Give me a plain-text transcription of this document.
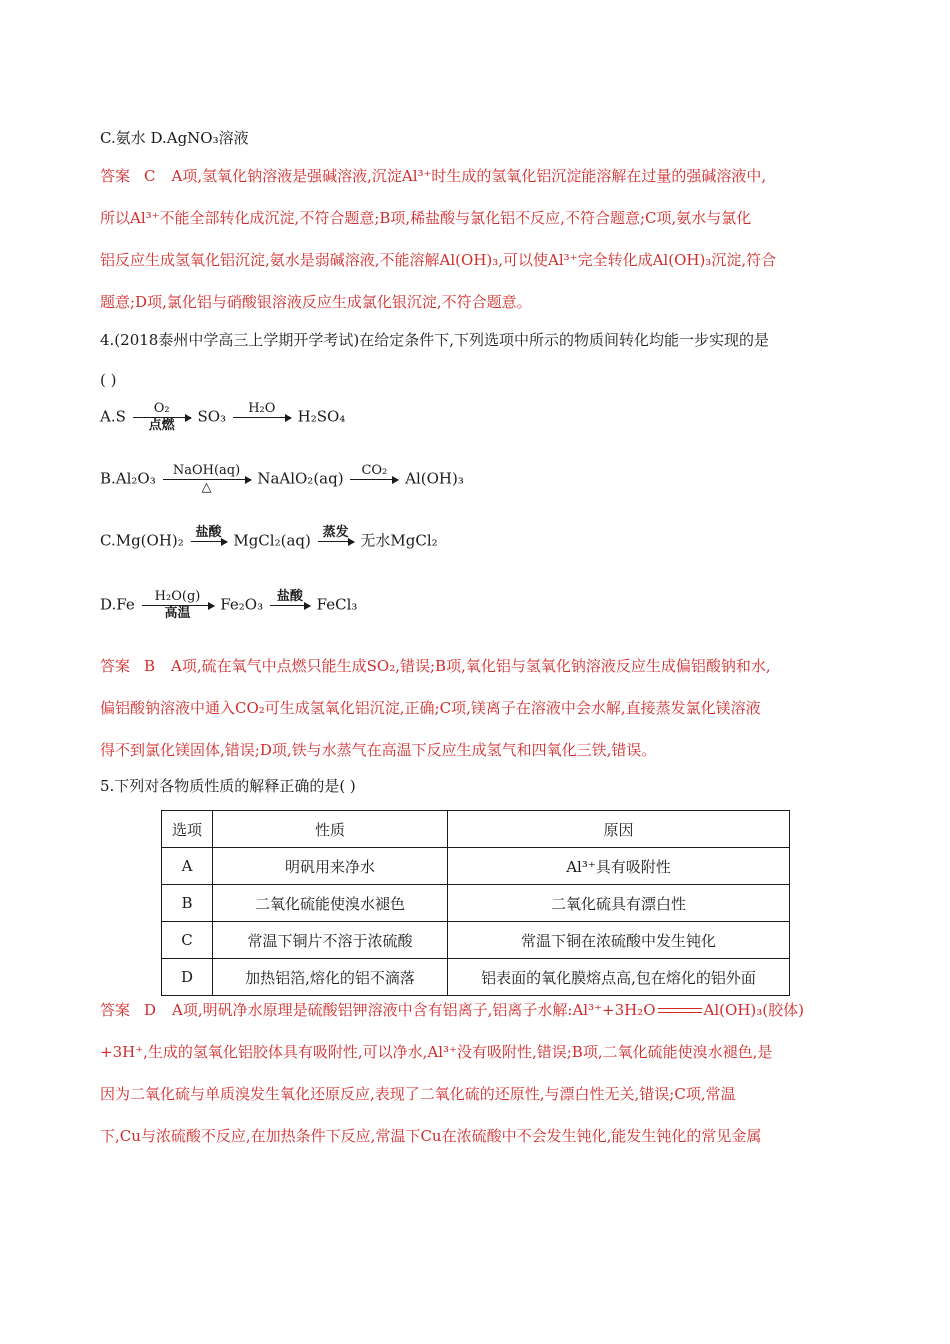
C.氨水 D.AgNO₃溶液
答案 C A项,氢氧化钠溶液是强碱溶液,沉淀Al³⁺时生成的氢氧化铝沉淀能溶解在过量的强碱溶液中,
所以Al³⁺不能全部转化成沉淀,不符合题意;B项,稀盐酸与氯化铝不反应,不符合题意;C项,氨水与氯化
铝反应生成氢氧化铝沉淀,氨水是弱碱溶液,不能溶解Al(OH)₃,可以使Al³⁺完全转化成Al(OH)₃沉淀,符合
题意;D项,氯化铝与硝酸银溶液反应生成氯化银沉淀,不符合题意。
4.(2018泰州中学高三上学期开学考试)在给定条件下,下列选项中所示的物质间转化均能一步实现的是
( )
A.S	O₂
点燃	SO₃	H₂O
	H₂SO₄
B.Al₂O₃	NaOH(aq)
△	NaAlO₂(aq)	CO₂
	Al(OH)₃
C.Mg(OH)₂ 盐酸
MgCl₂(aq) 蒸发
无水MgCl₂
D.Fe	H₂O(g)
高温	Fe₂O₃	盐酸
FeCl₃
答案 B A项,硫在氧气中点燃只能生成SO₂,错误;B项,氧化铝与氢氧化钠溶液反应生成偏铝酸钠和水,
偏铝酸钠溶液中通入CO₂可生成氢氧化铝沉淀,正确;C项,镁离子在溶液中会水解,直接蒸发氯化镁溶液
得不到氯化镁固体,错误;D项,铁与水蒸气在高温下反应生成氢气和四氧化三铁,错误。
5.下列对各物质性质的解释正确的是( )
选项	性质	原因
A	明矾用来净水	Al³⁺具有吸附性
B	二氧化硫能使溴水褪色	二氧化硫具有漂白性
C	常温下铜片不溶于浓硫酸	常温下铜在浓硫酸中发生钝化
D	加热铝箔,熔化的铝不滴落	铝表面的氧化膜熔点高,包在熔化的铝外面
答案 D A项,明矾净水原理是硫酸铝钾溶液中含有铝离子,铝离子水解:Al³⁺+3H₂O	Al(OH)₃(胶体)
+3H⁺,生成的氢氧化铝胶体具有吸附性,可以净水,Al³⁺没有吸附性,错误;B项,二氧化硫能使溴水褪色,是
因为二氧化硫与单质溴发生氧化还原反应,表现了二氧化硫的还原性,与漂白性无关,错误;C项,常温
下,Cu与浓硫酸不反应,在加热条件下反应,常温下Cu在浓硫酸中不会发生钝化,能发生钝化的常见金属
